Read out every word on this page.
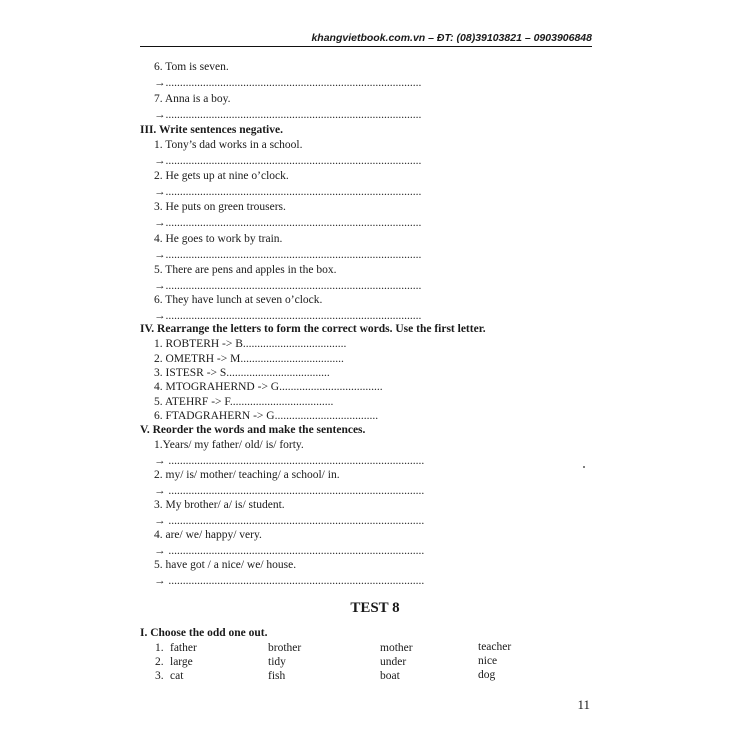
khangvietbook.com.vn – ĐT: (08)39103821 – 0903906848
6. Tom is seven.
→.........................................................................................
7. Anna is a boy.
→.........................................................................................
III. Write sentences negative.
1. Tony’s dad works in a school.
→.........................................................................................
2. He gets up at nine o’clock.
→.........................................................................................
3. He puts on green trousers.
→.........................................................................................
4. He goes to work by train.
→.........................................................................................
5. There are pens and apples in the box.
→.........................................................................................
6. They have lunch at seven o’clock.
→.........................................................................................
IV. Rearrange the letters to form the correct words. Use the first letter.
1. ROBTERH -> B....................................
2. OMETRH -> M....................................
3. ISTESR -> S....................................
4. MTOGRAHERND -> G....................................
5. ATEHRF -> F....................................
6. FTADGRAHERN -> G....................................
V. Reorder the words and make the sentences.
1.Years/ my father/ old/ is/ forty.
→ .........................................................................................
2. my/ is/ mother/ teaching/ a school/ in.
→ .........................................................................................
3. My brother/ a/ is/ student.
→ .........................................................................................
4. are/ we/ happy/ very.
→ .........................................................................................
5. have got / a nice/ we/ house.
→ .........................................................................................
TEST 8
I. Choose the odd one out.
1. father	brother	mother	teacher
2. large	tidy	under	nice
3. cat	fish	boat	dog
11
